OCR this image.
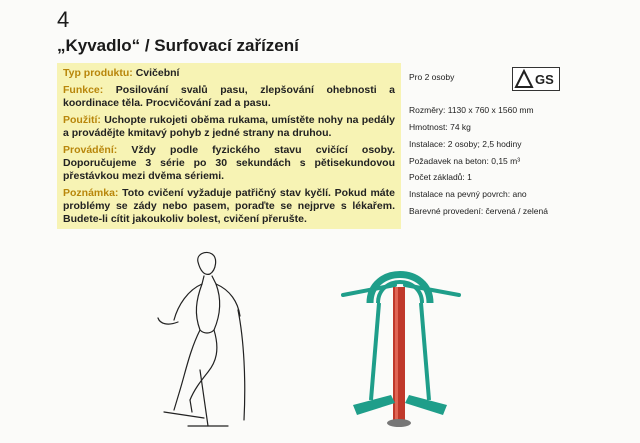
4
„Kyvadlo“ / Surfovací zařízení

Typ produktu: Cvičební

Funkce: Posilování svalů pasu, zlepšování ohebnosti a koordinace těla. Procvičování zad a pasu.

Použití: Uchopte rukojeti oběma rukama, umístěte nohy na pedály a provádějte kmitavý pohyb z jedné strany na druhou.

Provádění: Vždy podle fyzického stavu cvičící osoby. Doporučujeme 3 série po 30 sekundách s pětisekundovou přestávkou mezi dvěma sériemi.

Poznámka: Toto cvičení vyžaduje patřičný stav kyčlí. Pokud máte problémy se zády nebo pasem, poraďte se nejprve s lékařem. Budete-li cítit jakoukoliv bolest, cvičení přerušte.

Pro 2 osoby
Rozměry: 1130 x 760 x 1560 mm
Hmotnost: 74 kg
Instalace: 2 osoby; 2,5 hodiny
Požadavek na beton: 0,15 m³
Počet základů: 1
Instalace na pevný povrch: ano
Barevné provedení: červená / zelená
GS
